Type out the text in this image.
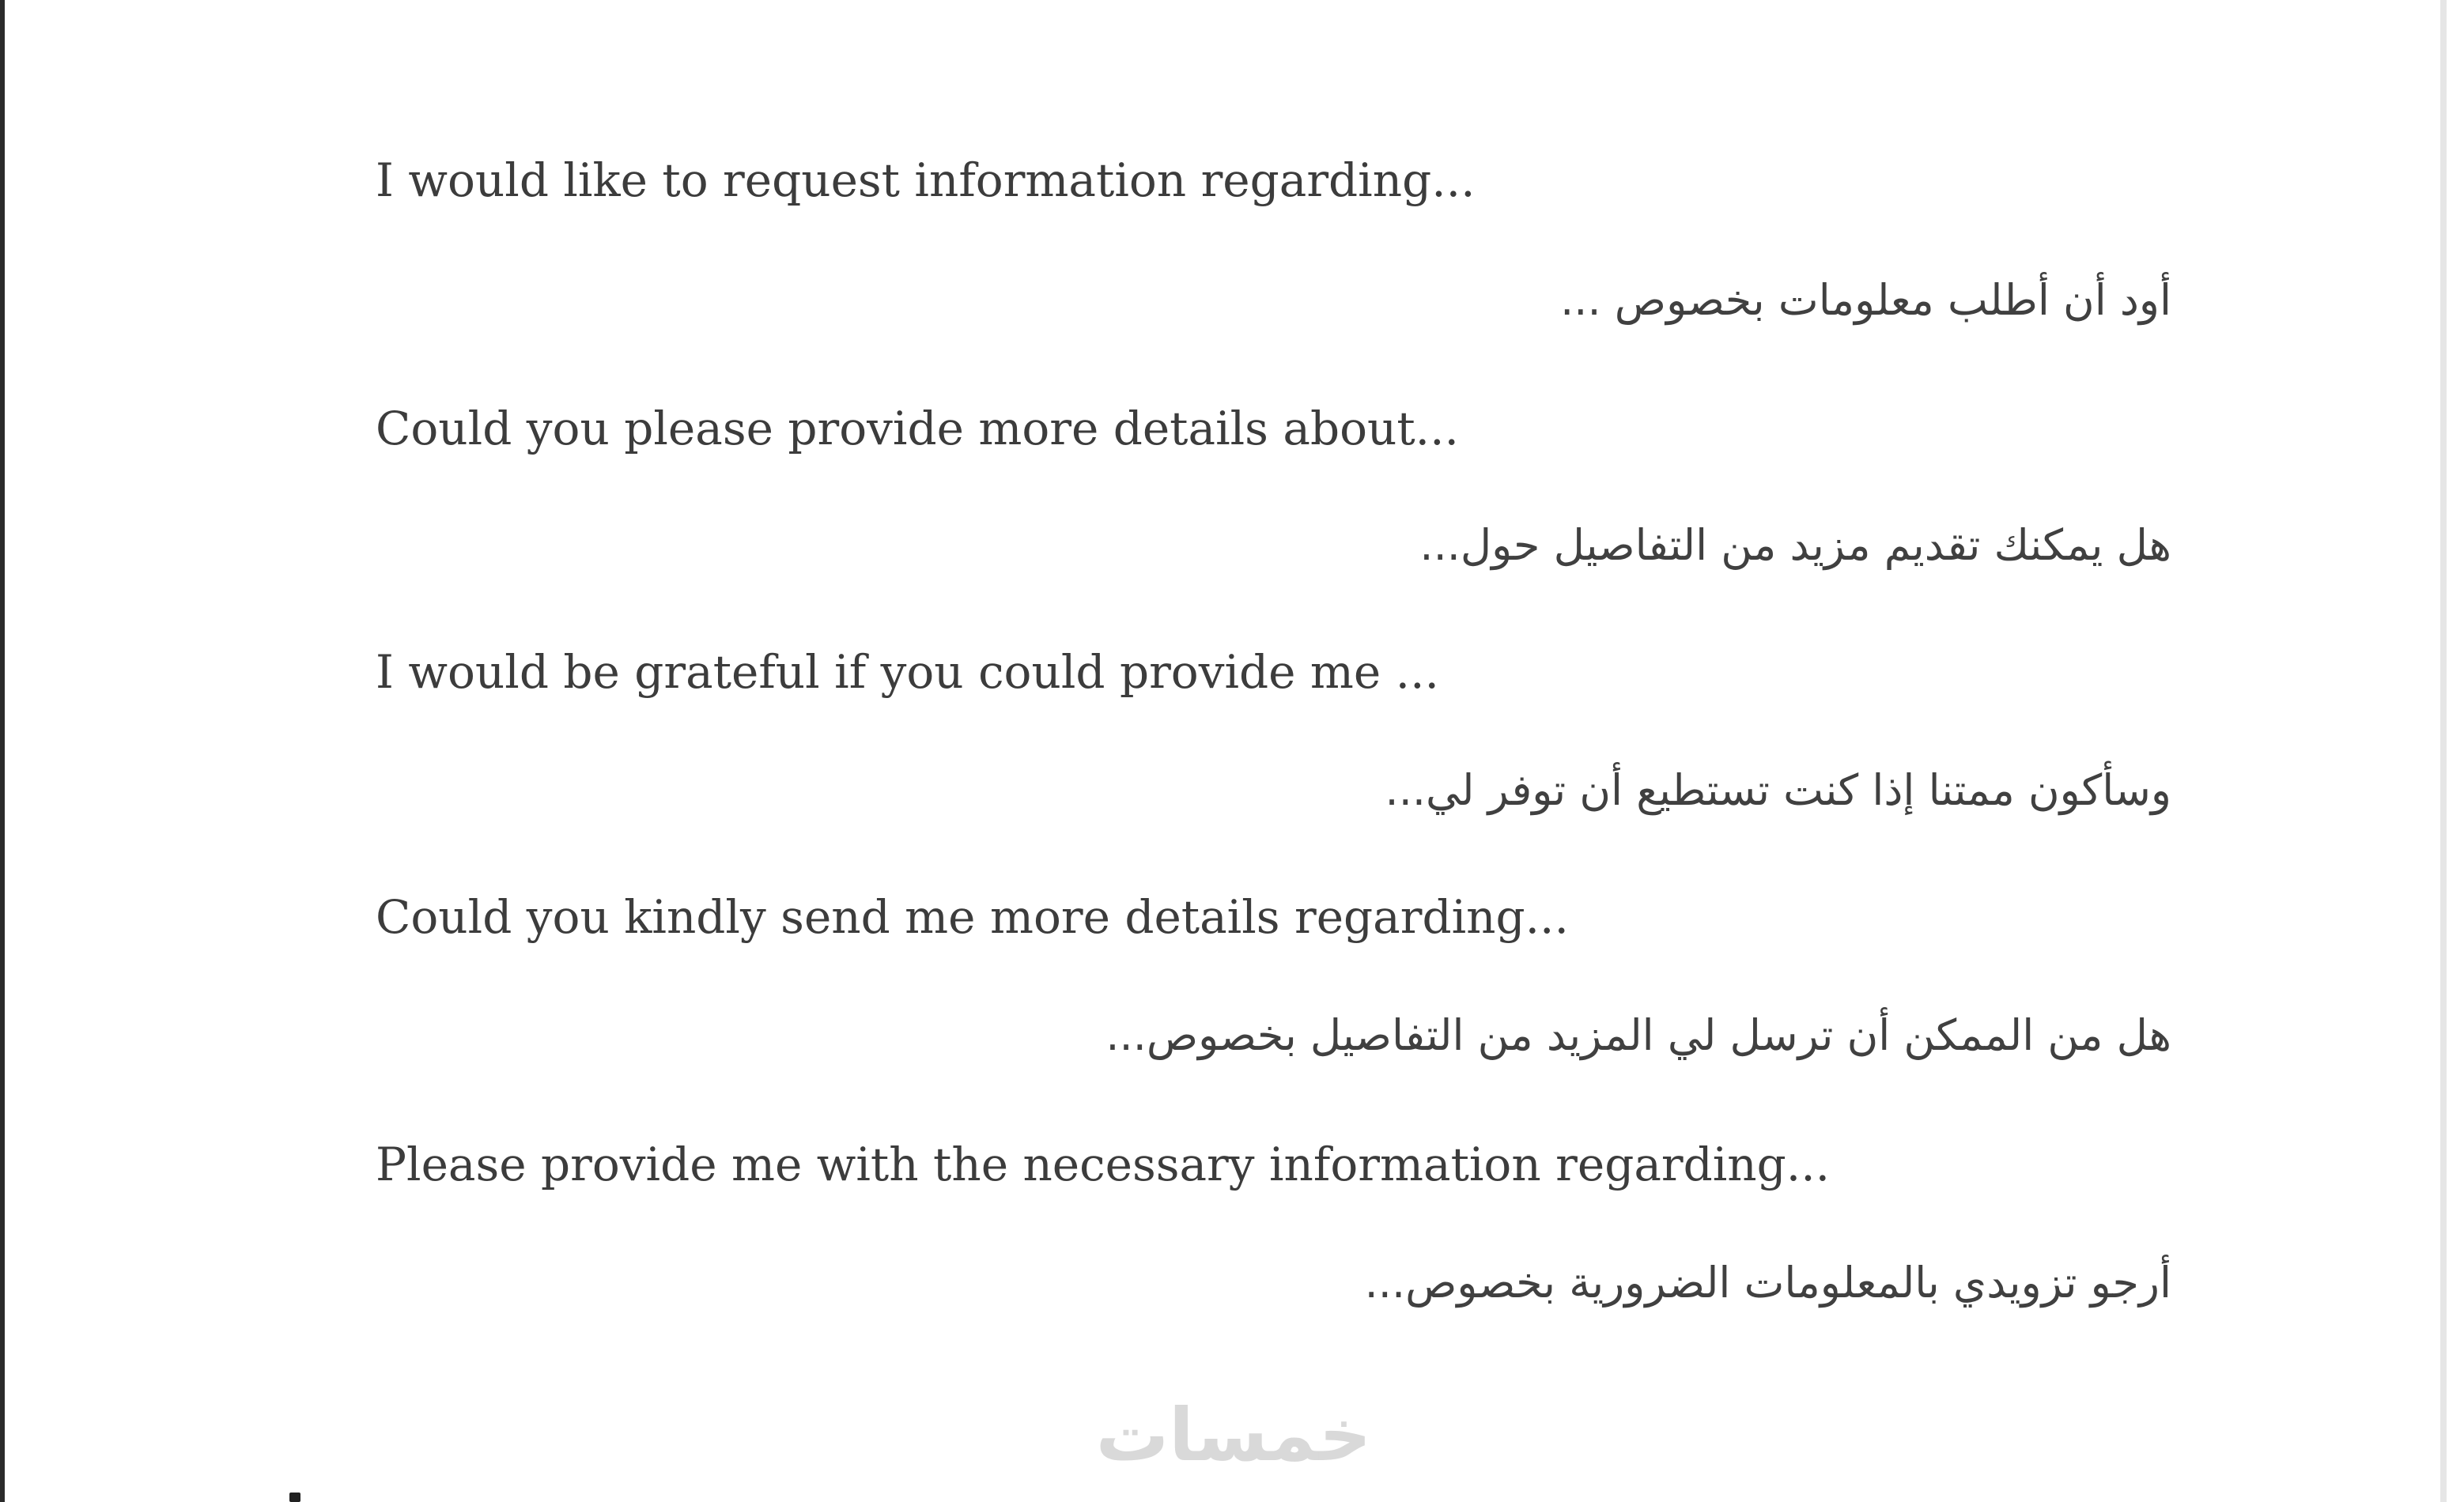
I would like to request information regarding...

أود أن أطلب معلومات بخصوص ...

Could you please provide more details about...

هل يمكنك تقديم مزيد من التفاصيل حول...

I would be grateful if you could provide me ...

وسأكون ممتنا إذا كنت تستطيع أن توفر لي...

Could you kindly send me more details regarding...

هل من الممكن أن ترسل لي المزيد من التفاصيل بخصوص...

Please provide me with the necessary information regarding...

أرجو تزويدي بالمعلومات الضرورية بخصوص...

خمسات
